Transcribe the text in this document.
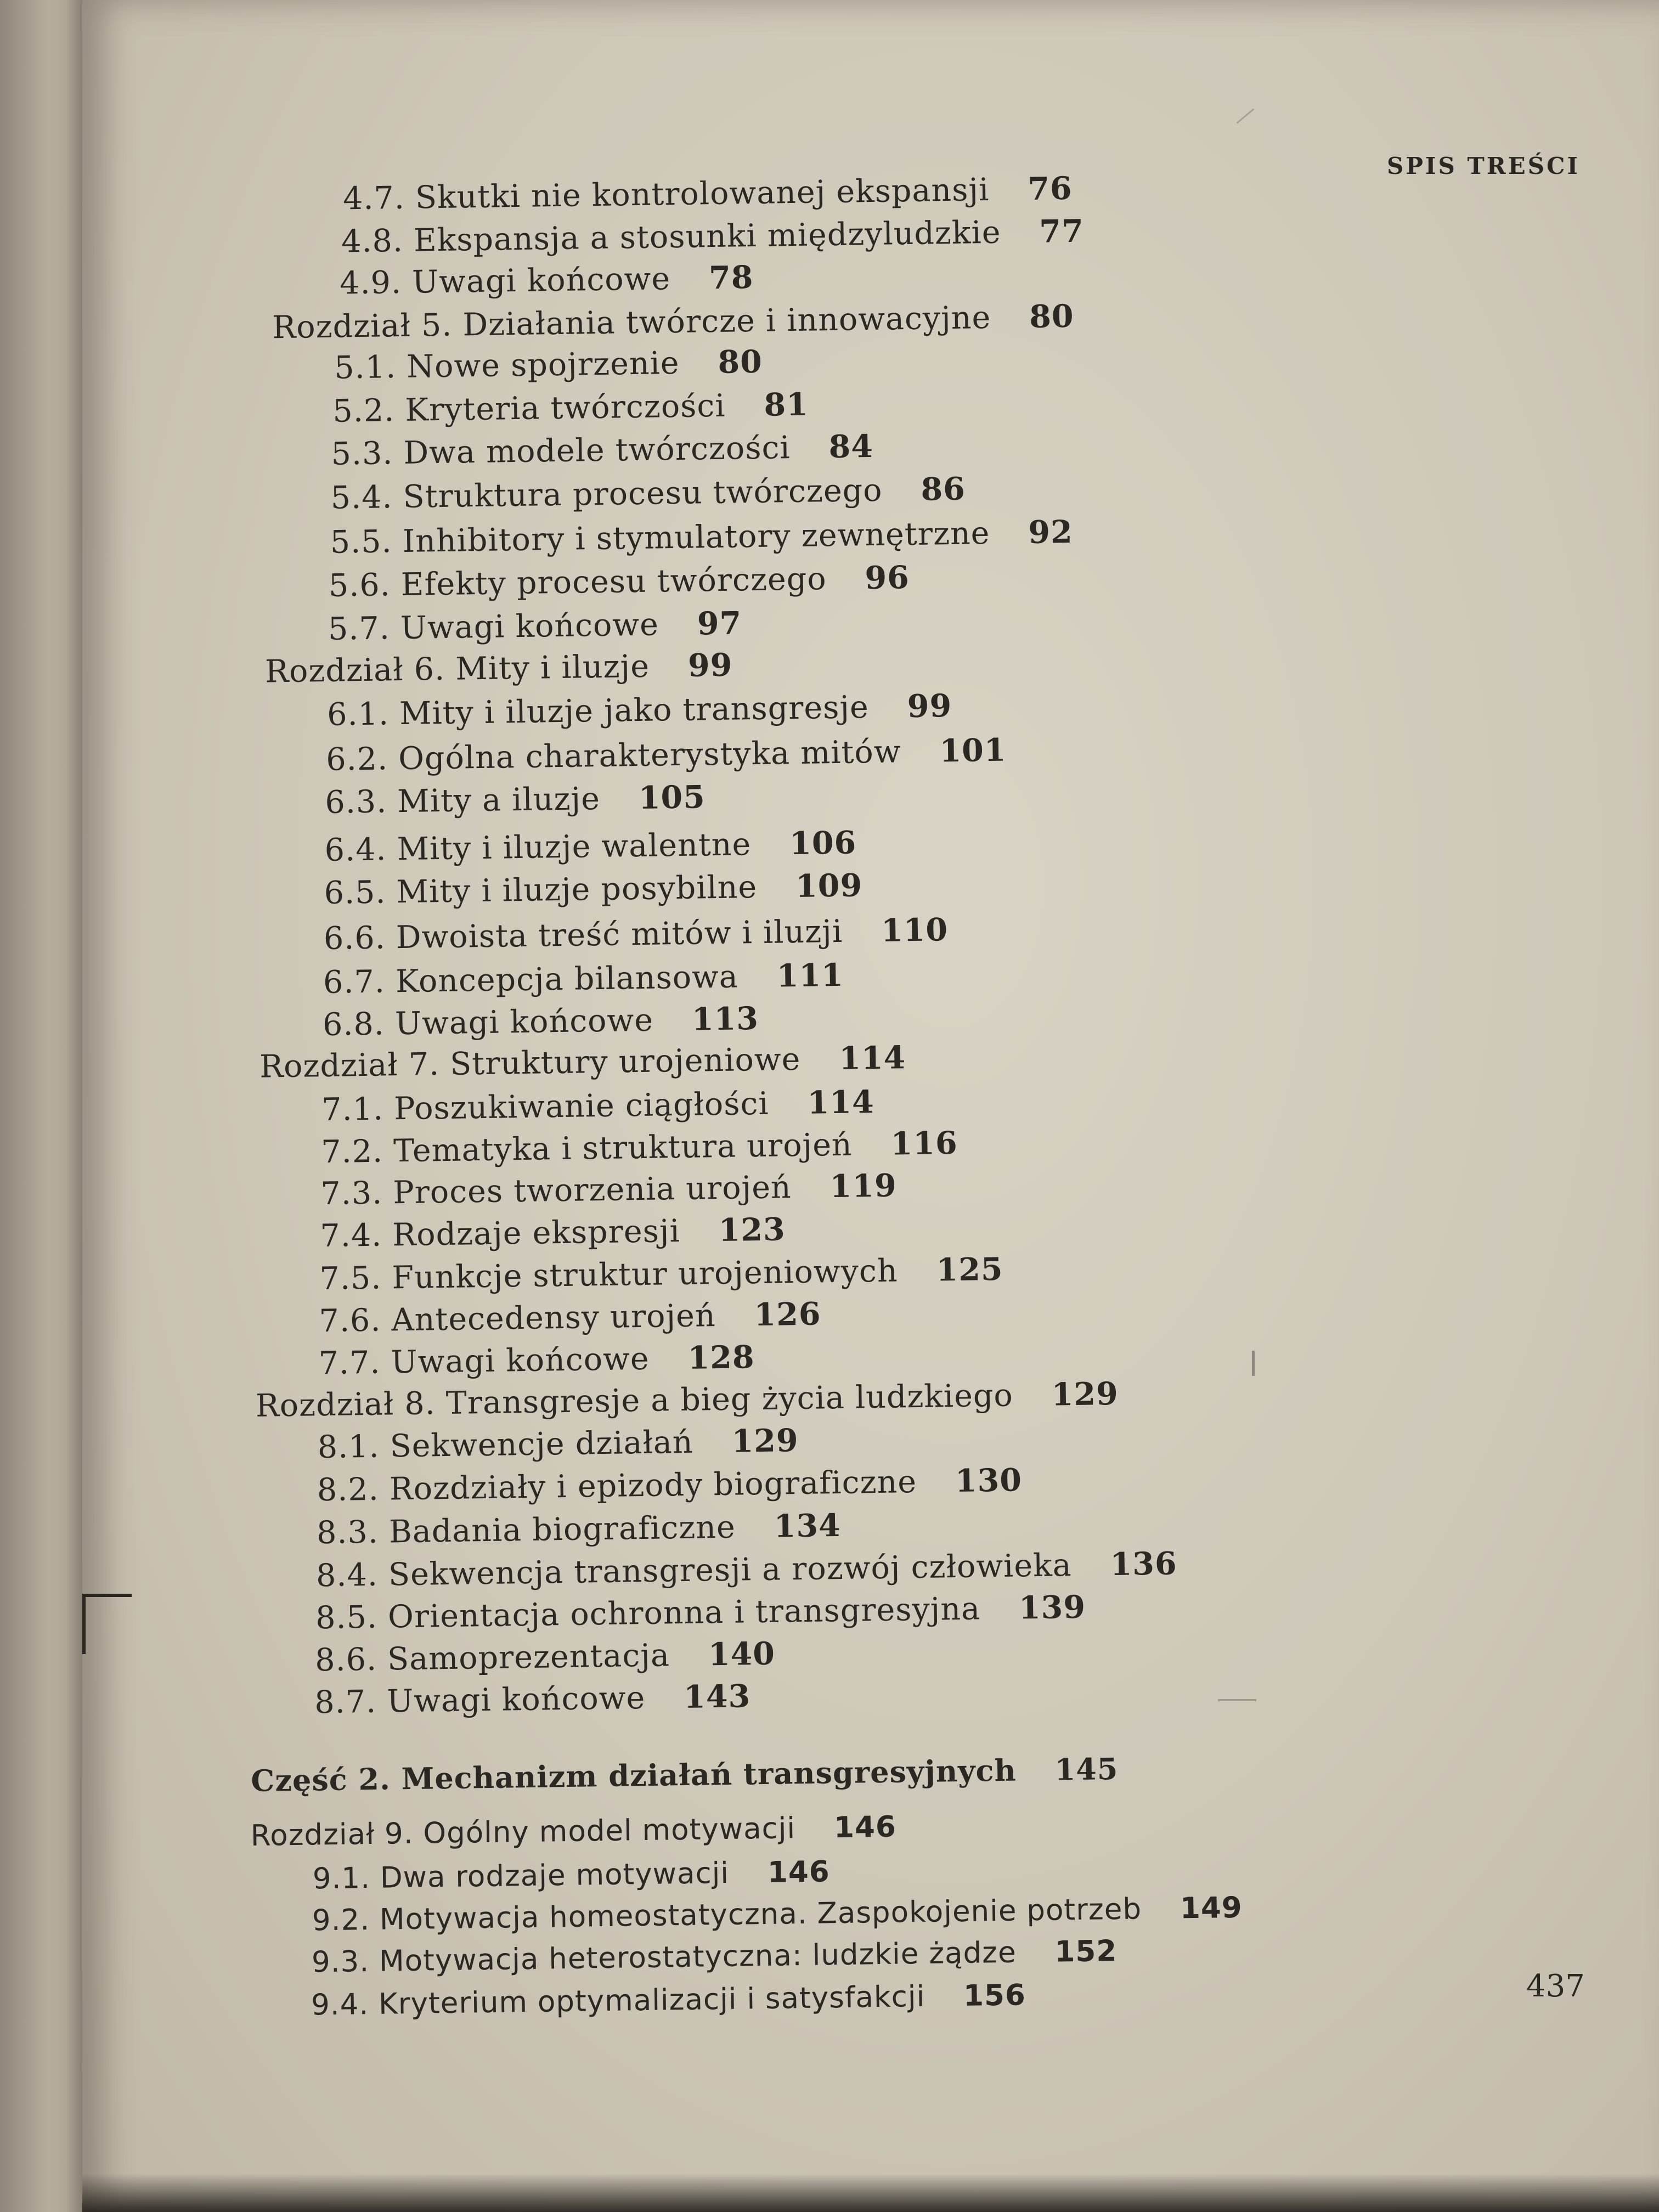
SPIS TREŚCI
4.7. Skutki nie kontrolowanej ekspansji 76
4.8. Ekspansja a stosunki międzyludzkie 77
4.9. Uwagi końcowe 78
Rozdział 5. Działania twórcze i innowacyjne 80
5.1. Nowe spojrzenie 80
5.2. Kryteria twórczości 81
5.3. Dwa modele twórczości 84
5.4. Struktura procesu twórczego 86
5.5. Inhibitory i stymulatory zewnętrzne 92
5.6. Efekty procesu twórczego 96
5.7. Uwagi końcowe 97
Rozdział 6. Mity i iluzje 99
6.1. Mity i iluzje jako transgresje 99
6.2. Ogólna charakterystyka mitów 101
6.3. Mity a iluzje 105
6.4. Mity i iluzje walentne 106
6.5. Mity i iluzje posybilne 109
6.6. Dwoista treść mitów i iluzji 110
6.7. Koncepcja bilansowa 111
6.8. Uwagi końcowe 113
Rozdział 7. Struktury urojeniowe 114
7.1. Poszukiwanie ciągłości 114
7.2. Tematyka i struktura urojeń 116
7.3. Proces tworzenia urojeń 119
7.4. Rodzaje ekspresji 123
7.5. Funkcje struktur urojeniowych 125
7.6. Antecedensy urojeń 126
7.7. Uwagi końcowe 128
Rozdział 8. Transgresje a bieg życia ludzkiego 129
8.1. Sekwencje działań 129
8.2. Rozdziały i epizody biograficzne 130
8.3. Badania biograficzne 134
8.4. Sekwencja transgresji a rozwój człowieka 136
8.5. Orientacja ochronna i transgresyjna 139
8.6. Samoprezentacja 140
8.7. Uwagi końcowe 143
Część 2. Mechanizm działań transgresyjnych 145
Rozdział 9. Ogólny model motywacji 146
9.1. Dwa rodzaje motywacji 146
9.2. Motywacja homeostatyczna. Zaspokojenie potrzeb 149
9.3. Motywacja heterostatyczna: ludzkie żądze 152
9.4. Kryterium optymalizacji i satysfakcji 156	437
